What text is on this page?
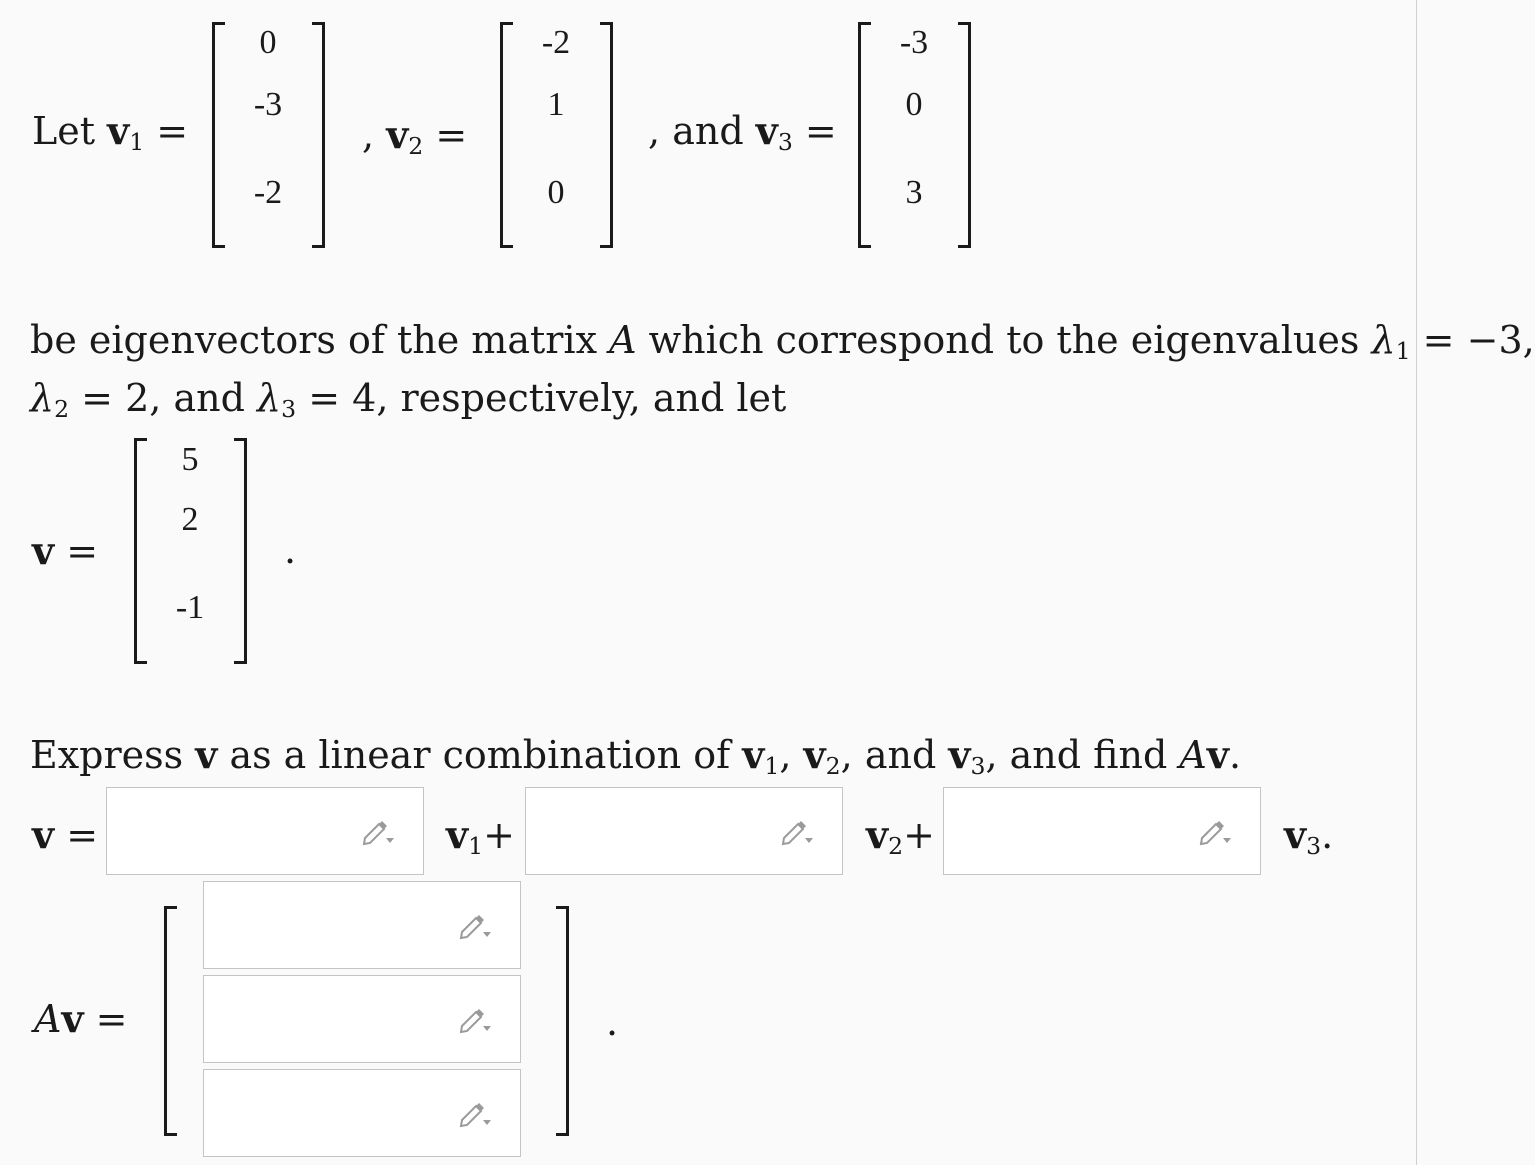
Let $v_1$ =
0
-3
-2
, $v_2$ =
-2
1
0
, and $v_3$ =
-3
0
3
be eigenvectors of the matrix A which correspond to the eigenvalues $\lambda_1 = -3$,
$\lambda_2 = 2$, and $\lambda_3 = 4$, respectively, and let
v =
5
2
-1
.
Express v as a linear combination of $v_1$, $v_2$, and $v_3$, and find Av.
v =	$v_1+$	$v_2+$	$v_3$.
Av =	.
